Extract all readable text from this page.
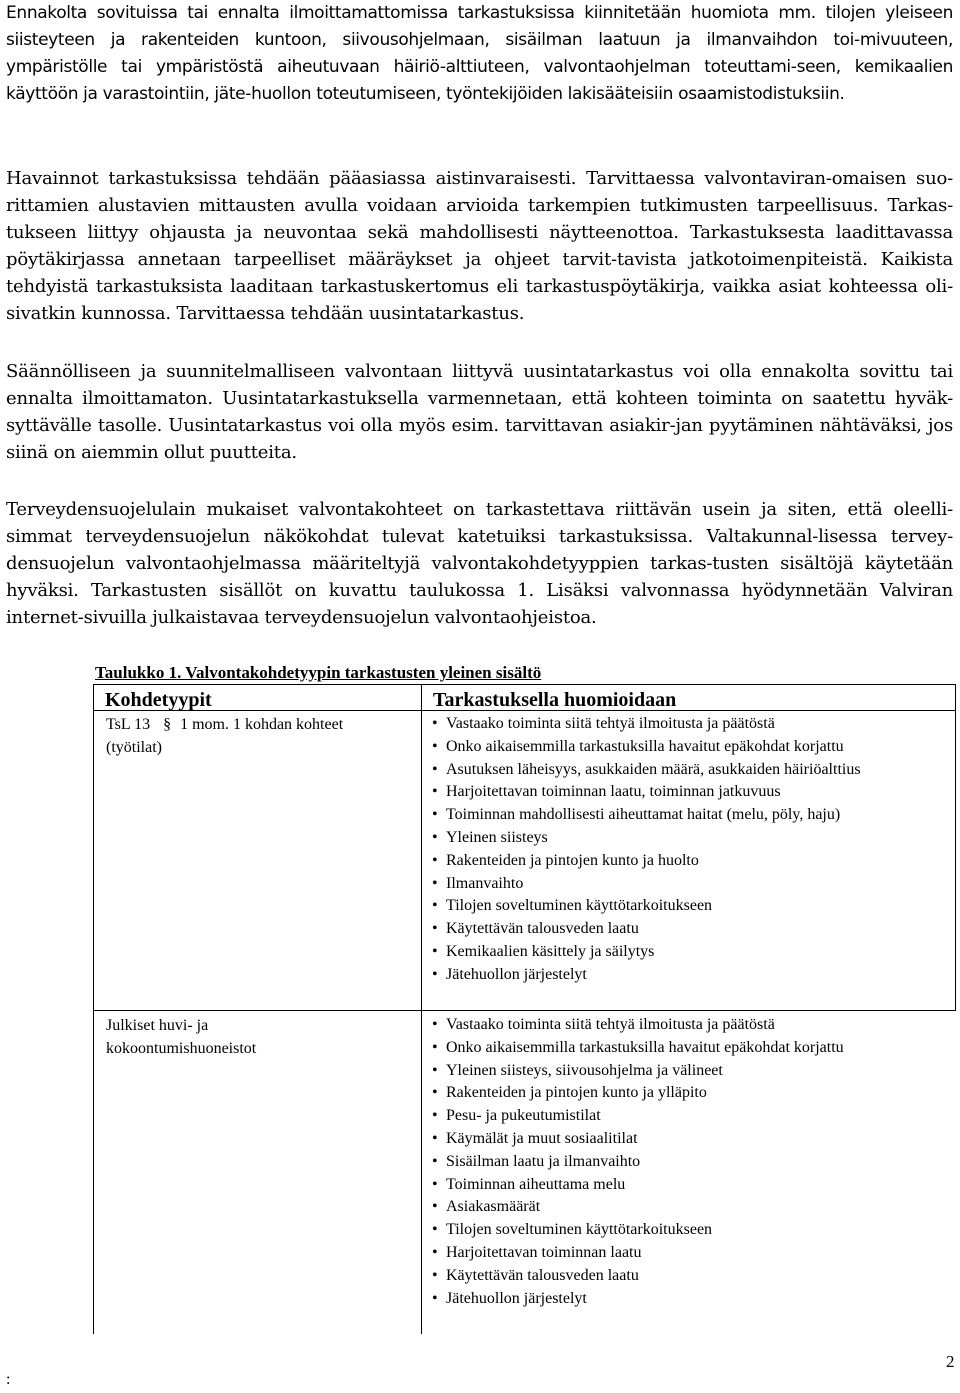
Ennakolta sovituissa tai ennalta ilmoittamattomissa tarkastuksissa kiinnitetään huomiota mm. tilojen yleiseen siisteyteen ja rakenteiden kuntoon, siivousohjelmaan, sisäilman laatuun ja ilmanvaihdon toi-mivuuteen, ympäristölle tai ympäristöstä aiheutuvaan häiriö-alttiuteen, valvontaohjelman toteuttami-seen, kemikaalien käyttöön ja varastointiin, jäte-huollon toteutumiseen, työntekijöiden lakisääteisiin osaamistodistuksiin.

Havainnot tarkastuksissa tehdään pääasiassa aistinvaraisesti. Tarvittaessa valvontaviran-omaisen suo-rittamien alustavien mittausten avulla voidaan arvioida tarkempien tutkimusten tarpeellisuus. Tarkas-tukseen liittyy ohjausta ja neuvontaa sekä mahdollisesti näytteenottoa. Tarkastuksesta laadittavassa pöytäkirjassa annetaan tarpeelliset määräykset ja ohjeet tarvit-tavista jatkotoimenpiteistä. Kaikista tehdyistä tarkastuksista laaditaan tarkastuskertomus eli tarkastuspöytäkirja, vaikka asiat kohteessa oli-sivatkin kunnossa. Tarvittaessa tehdään uusintatarkastus.

Säännölliseen ja suunnitelmalliseen valvontaan liittyvä uusintatarkastus voi olla ennakolta sovittu tai ennalta ilmoittamaton. Uusintatarkastuksella varmennetaan, että kohteen toiminta on saatettu hyväk-syttävälle tasolle. Uusintatarkastus voi olla myös esim. tarvittavan asiakir-jan pyytäminen nähtäväksi, jos siinä on aiemmin ollut puutteita.

Terveydensuojelulain mukaiset valvontakohteet on tarkastettava riittävän usein ja siten, että oleelli-simmat terveydensuojelun näkökohdat tulevat katetuiksi tarkastuksissa. Valtakunnal-lisessa tervey-densuojelun valvontaohjelmassa määriteltyjä valvontakohdetyyppien tarkas-tusten sisältöjä käytetään hyväksi. Tarkastusten sisällöt on kuvattu taulukossa 1. Lisäksi valvonnassa hyödynnetään Valviran internet-sivuilla julkaistavaa terveydensuojelun valvontaohjeistoa.

Taulukko 1. Valvontakohdetyypin tarkastusten yleinen sisältö

Kohdetyypit	Tarkastuksella huomioidaan

TsL 13 § 1 mom. 1 kohdan kohteet
(työtilat)
• Vastaako toiminta siitä tehtyä ilmoitusta ja päätöstä
• Onko aikaisemmilla tarkastuksilla havaitut epäkohdat korjattu
• Asutuksen läheisyys, asukkaiden määrä, asukkaiden häiriöalttius
• Harjoitettavan toiminnan laatu, toiminnan jatkuvuus
• Toiminnan mahdollisesti aiheuttamat haitat (melu, pöly, haju)
• Yleinen siisteys
• Rakenteiden ja pintojen kunto ja huolto
• Ilmanvaihto
• Tilojen soveltuminen käyttötarkoitukseen
• Käytettävän talousveden laatu
• Kemikaalien käsittely ja säilytys
• Jätehuollon järjestelyt
Julkiset huvi- ja
kokoontumishuoneistot
• Vastaako toiminta siitä tehtyä ilmoitusta ja päätöstä
• Onko aikaisemmilla tarkastuksilla havaitut epäkohdat korjattu
• Yleinen siisteys, siivousohjelma ja välineet
• Rakenteiden ja pintojen kunto ja ylläpito
• Pesu- ja pukeutumistilat
• Käymälät ja muut sosiaalitilat
• Sisäilman laatu ja ilmanvaihto
• Toiminnan aiheuttama melu
• Asiakasmäärät
• Tilojen soveltuminen käyttötarkoitukseen
• Harjoitettavan toiminnan laatu
• Käytettävän talousveden laatu
• Jätehuollon järjestelyt

2

:
